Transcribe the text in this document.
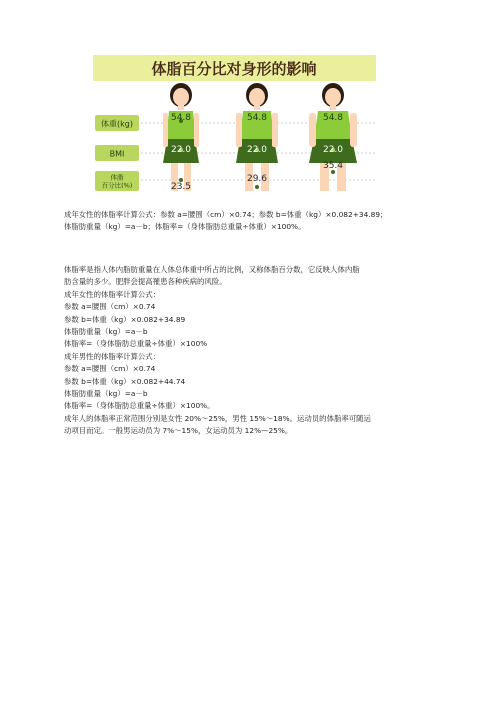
体脂百分比对身形的影响
体重(kg)
BMI
体脂
百分比(%)
54.8
22.0
23.5
54.8
22.0
29.6
54.8
22.0
35.4
成年女性的体脂率计算公式：参数 a=腰围（cm）×0.74；参数 b=体重（kg）×0.082+34.89；
体脂肪重量（kg）=a－b；体脂率=（身体脂肪总重量÷体重）×100%。
体脂率是指人体内脂肪重量在人体总体重中所占的比例，又称体脂百分数，它反映人体内脂
肪含量的多少。肥胖会提高罹患各种疾病的风险。
成年女性的体脂率计算公式：
参数 a=腰围（cm）×0.74
参数 b=体重（kg）×0.082+34.89
体脂肪重量（kg）=a－b
体脂率=（身体脂肪总重量÷体重）×100%
成年男性的体脂率计算公式：
参数 a=腰围（cm）×0.74
参数 b=体重（kg）×0.082+44.74
体脂肪重量（kg）=a－b
体脂率=（身体脂肪总重量÷体重）×100%。
成年人的体脂率正常范围分别是女性 20%～25%，男性 15%～18%。运动员的体脂率可随运
动项目而定。一般男运动员为 7%～15%，女运动员为 12%—25%。
